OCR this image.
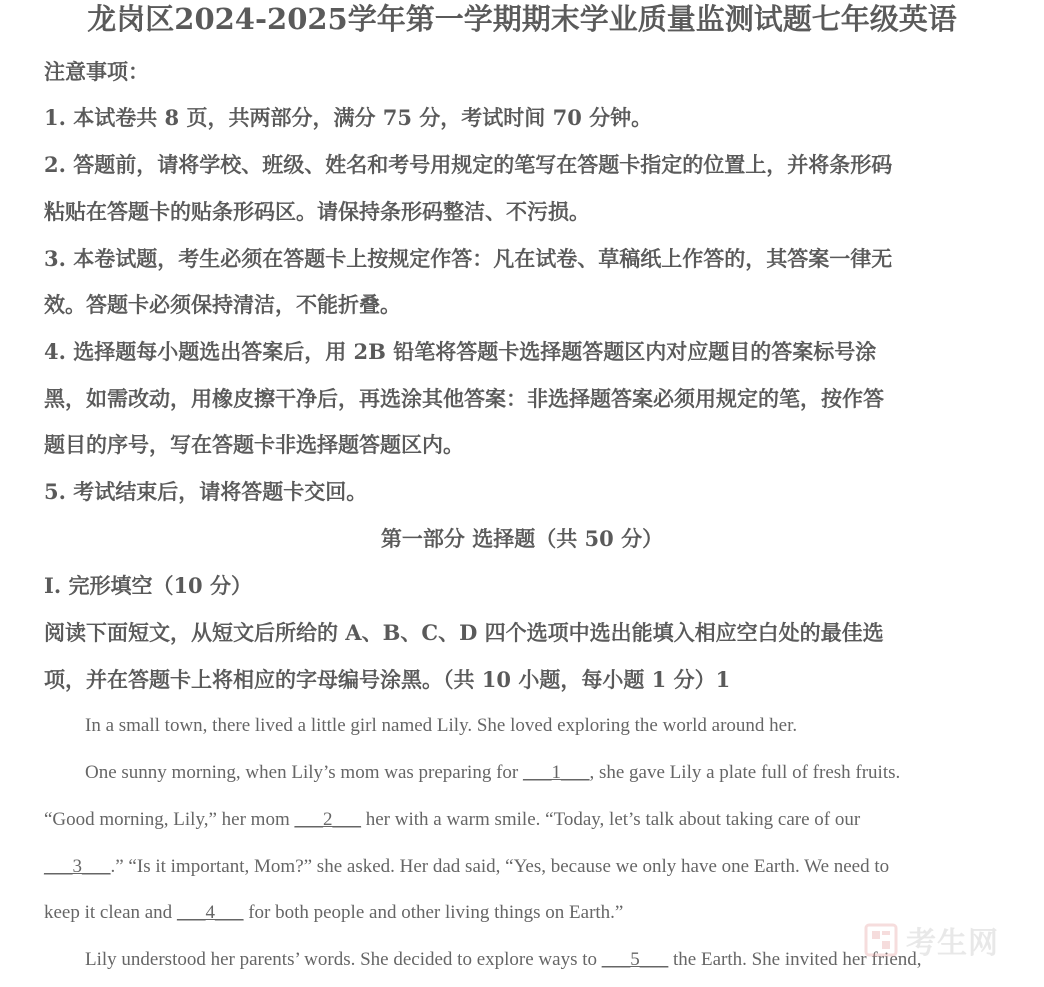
龙岗区2024-2025学年第一学期期末学业质量监测试题七年级英语
注意事项：
1. 本试卷共 8 页，共两部分，满分 75 分，考试时间 70 分钟。
2. 答题前，请将学校、班级、姓名和考号用规定的笔写在答题卡指定的位置上，并将条形码
粘贴在答题卡的贴条形码区。请保持条形码整洁、不污损。
3. 本卷试题，考生必须在答题卡上按规定作答：凡在试卷、草稿纸上作答的，其答案一律无
效。答题卡必须保持清洁，不能折叠。
4. 选择题每小题选出答案后，用 2B 铅笔将答题卡选择题答题区内对应题目的答案标号涂
黑，如需改动，用橡皮擦干净后，再选涂其他答案：非选择题答案必须用规定的笔，按作答
题目的序号，写在答题卡非选择题答题区内。
5. 考试结束后，请将答题卡交回。
第一部分 选择题（共 50 分）
I. 完形填空（10 分）
阅读下面短文，从短文后所给的 A、B、C、D 四个选项中选出能填入相应空白处的最佳选
项，并在答题卡上将相应的字母编号涂黑。（共 10 小题，每小题 1 分）1
In a small town, there lived a little girl named Lily. She loved exploring the world around her.
One sunny morning, when Lily’s mom was preparing for ___1___, she gave Lily a plate full of fresh fruits.
“Good morning, Lily,” her mom ___2___ her with a warm smile. “Today, let’s talk about taking care of our
___3___.” “Is it important, Mom?” she asked. Her dad said, “Yes, because we only have one Earth. We need to
keep it clean and ___4___ for both people and other living things on Earth.”
Lily understood her parents’ words. She decided to explore ways to ___5___ the Earth. She invited her friend,
考生网
